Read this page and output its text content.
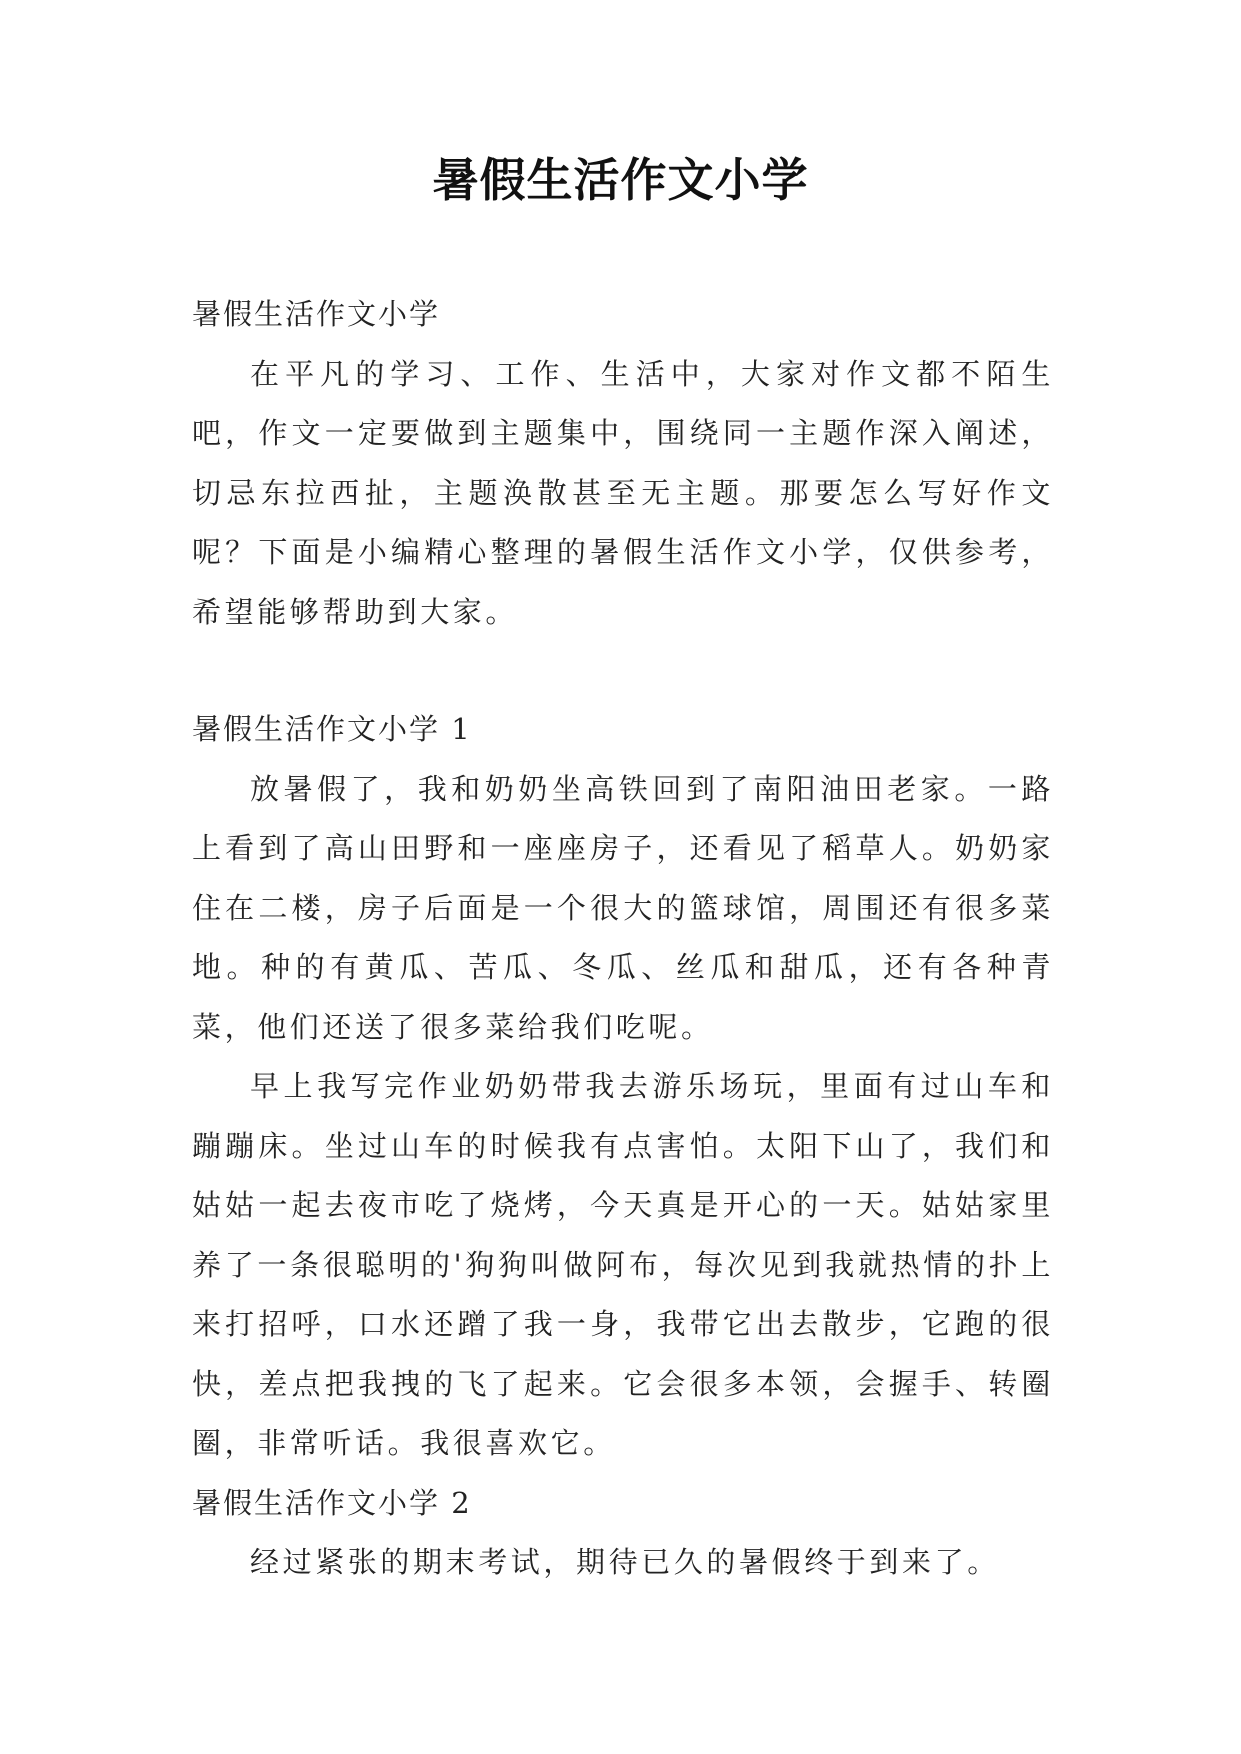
暑假生活作文小学

暑假生活作文小学

在平凡的学习、工作、生活中，大家对作文都不陌生吧，作文一定要做到主题集中，围绕同一主题作深入阐述，切忌东拉西扯，主题涣散甚至无主题。那要怎么写好作文呢？下面是小编精心整理的暑假生活作文小学，仅供参考，希望能够帮助到大家。

暑假生活作文小学 1

放暑假了，我和奶奶坐高铁回到了南阳油田老家。一路上看到了高山田野和一座座房子，还看见了稻草人。奶奶家住在二楼，房子后面是一个很大的篮球馆，周围还有很多菜地。种的有黄瓜、苦瓜、冬瓜、丝瓜和甜瓜，还有各种青菜，他们还送了很多菜给我们吃呢。

早上我写完作业奶奶带我去游乐场玩，里面有过山车和蹦蹦床。坐过山车的时候我有点害怕。太阳下山了，我们和姑姑一起去夜市吃了烧烤，今天真是开心的一天。姑姑家里养了一条很聪明的'狗狗叫做阿布，每次见到我就热情的扑上来打招呼，口水还蹭了我一身，我带它出去散步，它跑的很快，差点把我拽的飞了起来。它会很多本领，会握手、转圈圈，非常听话。我很喜欢它。

暑假生活作文小学 2

经过紧张的期末考试，期待已久的暑假终于到来了。
